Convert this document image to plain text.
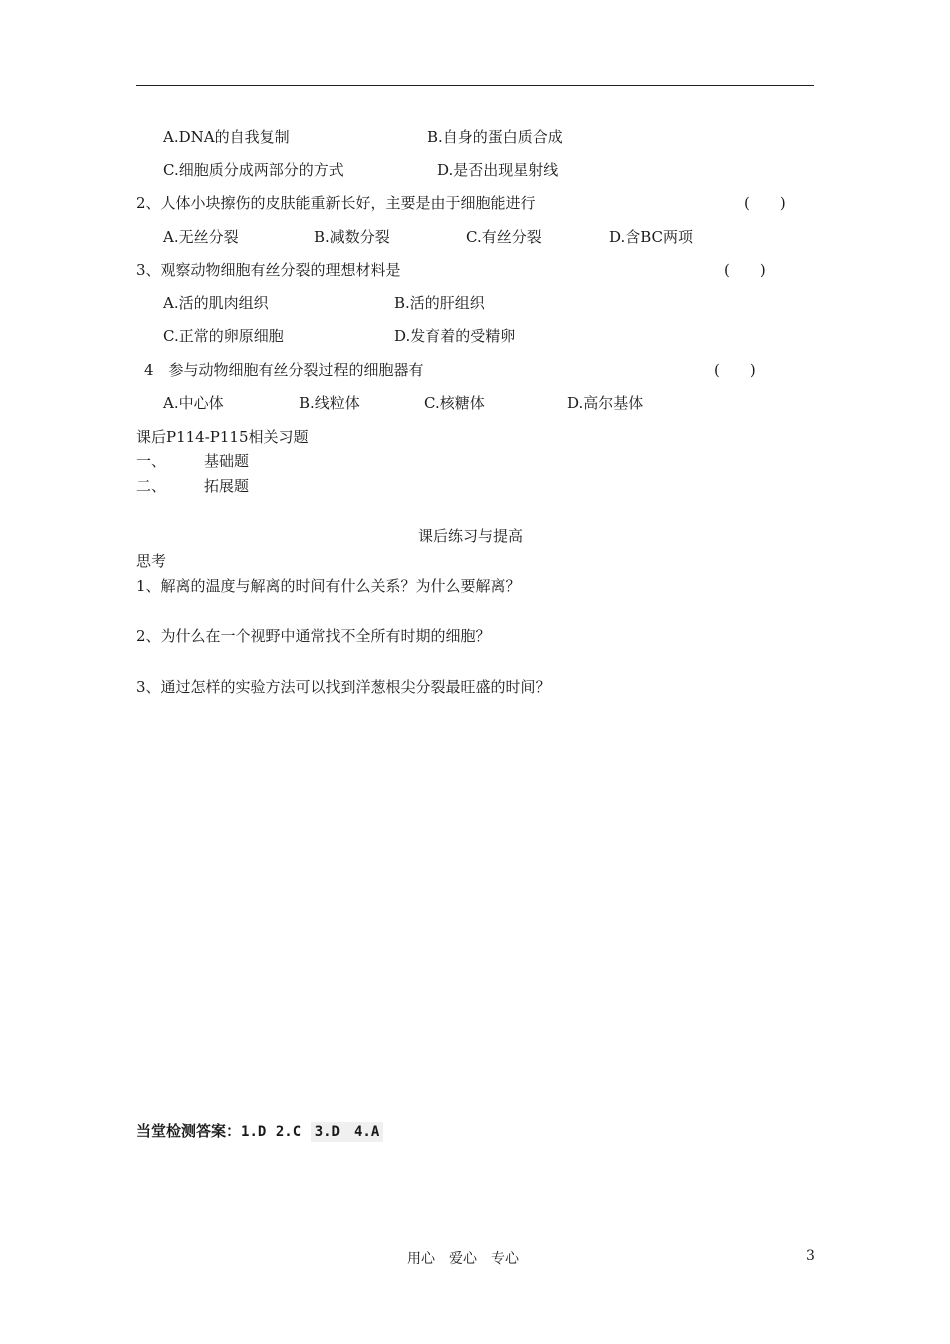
A.DNA的自我复制	B.自身的蛋白质合成
C.细胞质分成两部分的方式	D.是否出现星射线
2、人体小块擦伤的皮肤能重新长好，主要是由于细胞能进行	(　　)
A.无丝分裂	B.减数分裂	C.有丝分裂	D.含BC两项
3、观察动物细胞有丝分裂的理想材料是	(　　)
A.活的肌肉组织	B.活的肝组织
C.正常的卵原细胞	D.发育着的受精卵
4　参与动物细胞有丝分裂过程的细胞器有	(　　)
A.中心体	B.线粒体	C.核糖体	D.高尔基体
课后P114-P115相关习题
一、	基础题
二、	拓展题
课后练习与提高
思考
1、解离的温度与解离的时间有什么关系？为什么要解离？
2、为什么在一个视野中通常找不全所有时期的细胞？
3、通过怎样的实验方法可以找到洋葱根尖分裂最旺盛的时间？
当堂检测答案：1.D 2.C 3.D 4.A
用心　爱心　专心	3
